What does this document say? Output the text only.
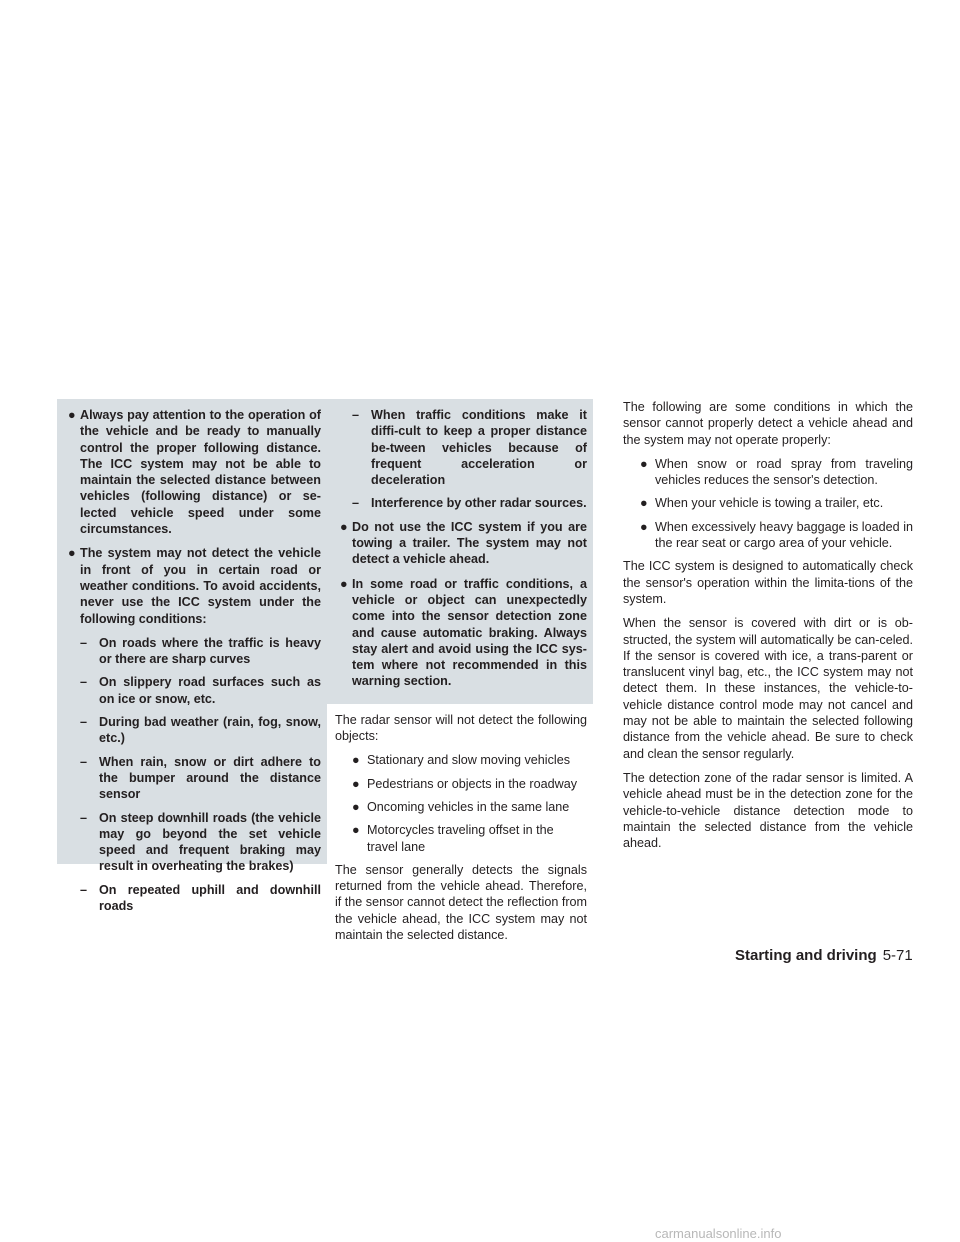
● Always pay attention to the operation of the vehicle and be ready to manually control the proper following distance. The ICC system may not be able to maintain the selected distance between vehicles (following distance) or se-lected vehicle speed under some circumstances.
● The system may not detect the vehicle in front of you in certain road or weather conditions. To avoid accidents, never use the ICC system under the following conditions:
– On roads where the traffic is heavy or there are sharp curves
– On slippery road surfaces such as on ice or snow, etc.
– During bad weather (rain, fog, snow, etc.)
– When rain, snow or dirt adhere to the bumper around the distance sensor
– On steep downhill roads (the vehicle may go beyond the set vehicle speed and frequent braking may result in overheating the brakes)
– On repeated uphill and downhill roads
– When traffic conditions make it diffi-cult to keep a proper distance be-tween vehicles because of frequent acceleration or deceleration
– Interference by other radar sources.
● Do not use the ICC system if you are towing a trailer. The system may not detect a vehicle ahead.
● In some road or traffic conditions, a vehicle or object can unexpectedly come into the sensor detection zone and cause automatic braking. Always stay alert and avoid using the ICC sys-tem where not recommended in this warning section.

The radar sensor will not detect the following objects:

● Stationary and slow moving vehicles
● Pedestrians or objects in the roadway
● Oncoming vehicles in the same lane
● Motorcycles traveling offset in the travel lane

The sensor generally detects the signals returned from the vehicle ahead. Therefore, if the sensor cannot detect the reflection from the vehicle ahead, the ICC system may not maintain the selected distance.

The following are some conditions in which the sensor cannot properly detect a vehicle ahead and the system may not operate properly:

● When snow or road spray from traveling vehicles reduces the sensor's detection.
● When your vehicle is towing a trailer, etc.
● When excessively heavy baggage is loaded in the rear seat or cargo area of your vehicle.

The ICC system is designed to automatically check the sensor's operation within the limita-tions of the system.

When the sensor is covered with dirt or is ob-structed, the system will automatically be can-celed. If the sensor is covered with ice, a trans-parent or translucent vinyl bag, etc., the ICC system may not detect them. In these instances, the vehicle-to-vehicle distance control mode may not cancel and may not be able to maintain the selected following distance from the vehicle ahead. Be sure to check and clean the sensor regularly.

The detection zone of the radar sensor is limited. A vehicle ahead must be in the detection zone for the vehicle-to-vehicle distance detection mode to maintain the selected distance from the vehicle ahead.

Starting and driving 5-71
carmanualsonline.info
